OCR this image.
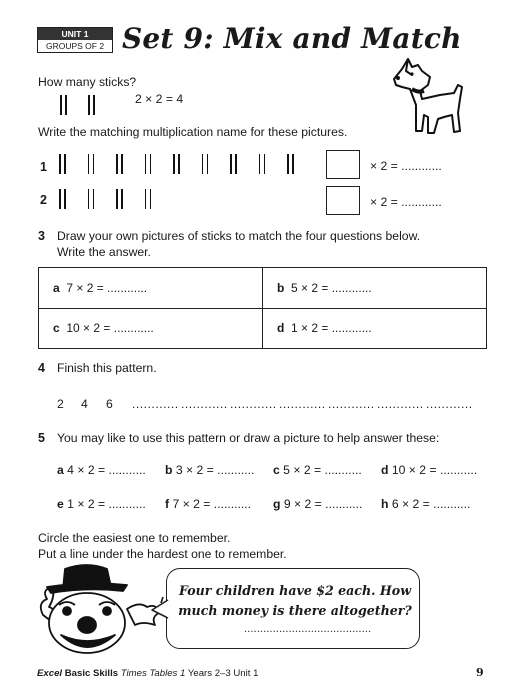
UNIT 1
GROUPS OF 2 Set 9: Mix and Match
How many sticks?
2 × 2 = 4
Write the matching multiplication name for these pictures.
1	× 2 = ............
2	× 2 = ............
3 Draw your own pictures of sticks to match the four questions below.
Write the answer.
a 7 × 2 = ............	b 5 × 2 = ............
c 10 × 2 = ............	d 1 × 2 = ............
4 Finish this pattern.
2 4 6 ............ ............ ............ ............ ............ ............ ............
5 You may like to use this pattern or draw a picture to help answer these:
a 4 × 2 = ........... b 3 × 2 = ........... c 5 × 2 = ........... d 10 × 2 = ...........
e 1 × 2 = ........... f 7 × 2 = ........... g 9 × 2 = ........... h 6 × 2 = ...........
Circle the easiest one to remember.
Put a line under the hardest one to remember.
Four children have $2 each. How
much money is there altogether?
........................................
Excel Basic Skills Times Tables 1 Years 2–3 Unit 1	9
